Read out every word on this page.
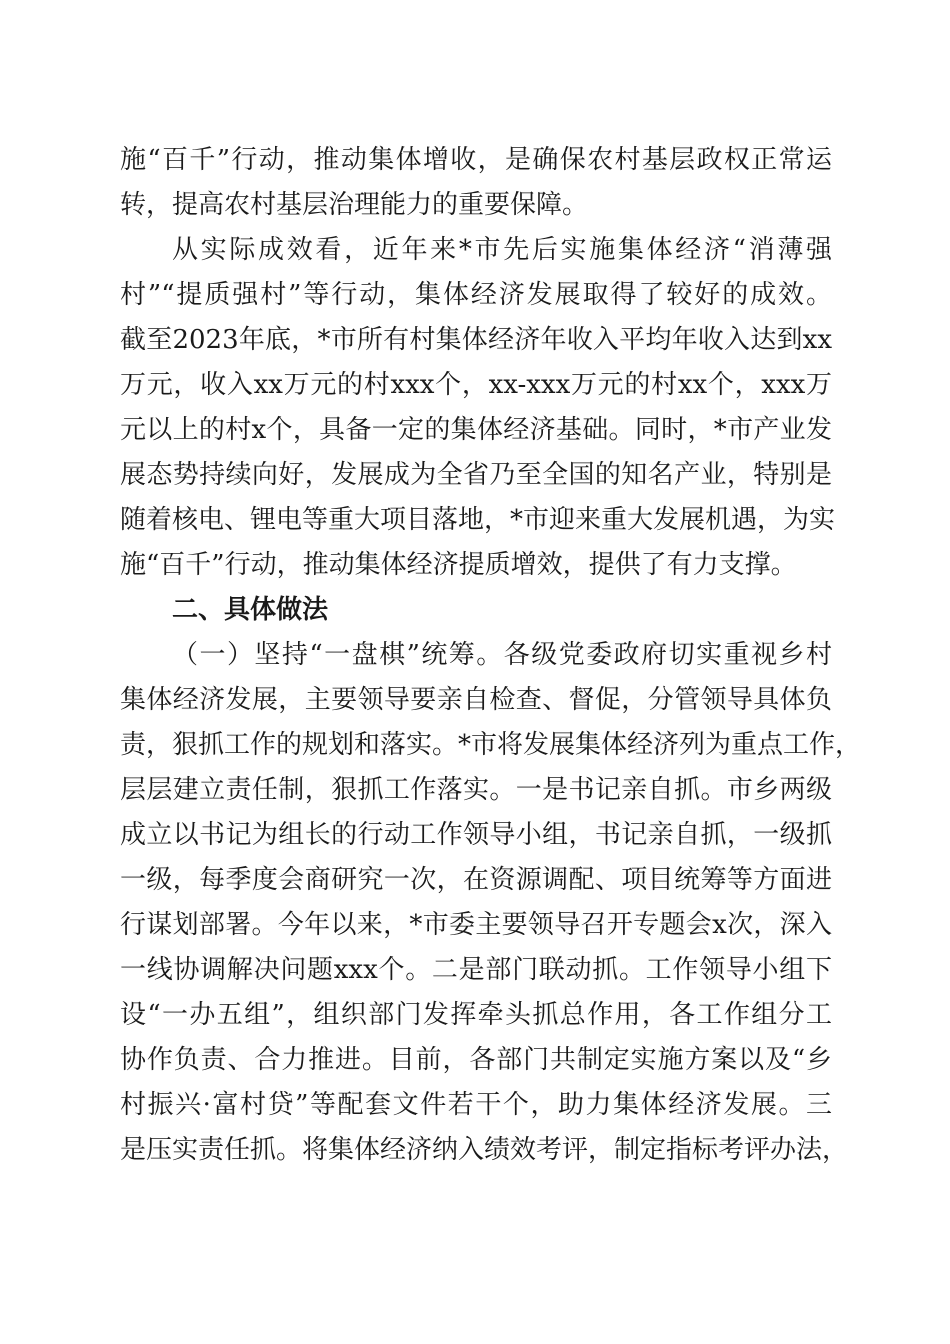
施“百千”行动，推动集体增收，是确保农村基层政权正常运
转，提高农村基层治理能力的重要保障。
从实际成效看，近年来*市先后实施集体经济“消薄强
村”“提质强村”等行动，集体经济发展取得了较好的成效。
截至2023年底，*市所有村集体经济年收入平均年收入达到xx
万元，收入xx万元的村xxx个，xx-xxx万元的村xx个，xxx万
元以上的村x个，具备一定的集体经济基础。同时，*市产业发
展态势持续向好，发展成为全省乃至全国的知名产业，特别是
随着核电、锂电等重大项目落地，*市迎来重大发展机遇，为实
施“百千”行动，推动集体经济提质增效，提供了有力支撑。
二、具体做法
（一）坚持“一盘棋”统筹。各级党委政府切实重视乡村
集体经济发展，主要领导要亲自检查、督促，分管领导具体负
责，狠抓工作的规划和落实。*市将发展集体经济列为重点工作，
层层建立责任制，狠抓工作落实。一是书记亲自抓。市乡两级
成立以书记为组长的行动工作领导小组，书记亲自抓，一级抓
一级，每季度会商研究一次，在资源调配、项目统筹等方面进
行谋划部署。今年以来，*市委主要领导召开专题会x次，深入
一线协调解决问题xxx个。二是部门联动抓。工作领导小组下
设“一办五组”，组织部门发挥牵头抓总作用，各工作组分工
协作负责、合力推进。目前，各部门共制定实施方案以及“乡
村振兴·富村贷”等配套文件若干个，助力集体经济发展。三
是压实责任抓。将集体经济纳入绩效考评，制定指标考评办法，
